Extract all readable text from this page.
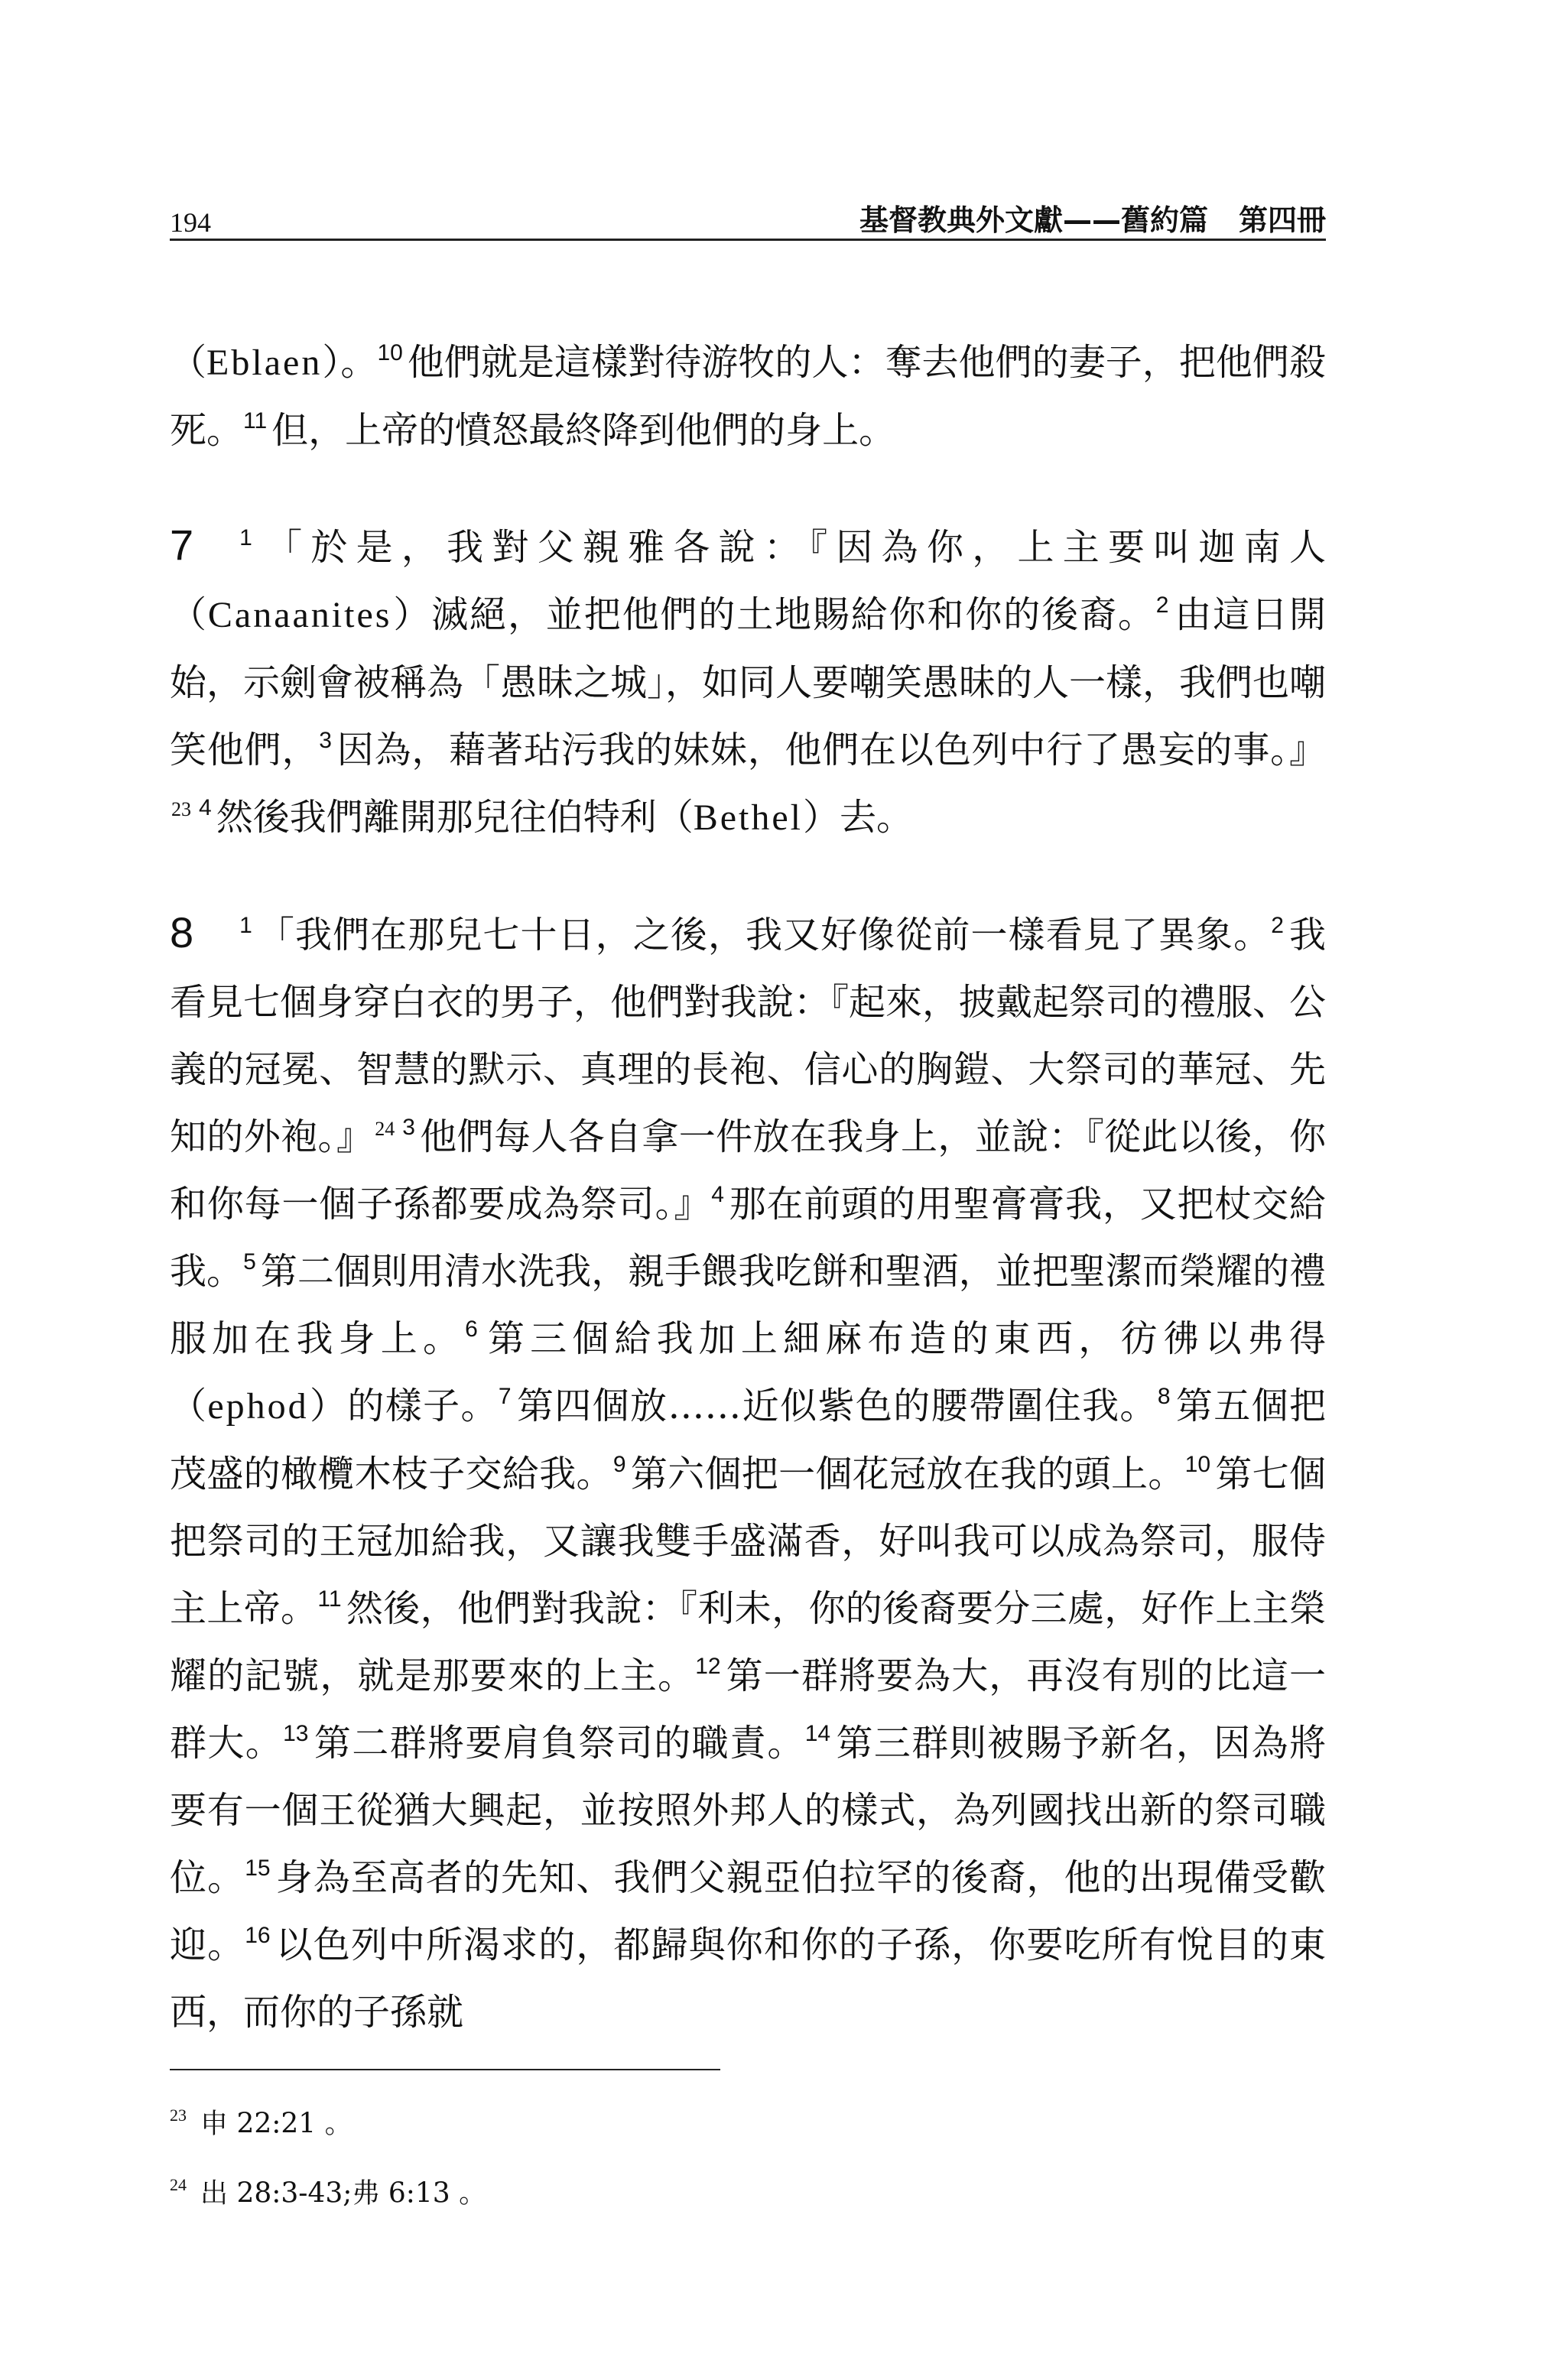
194	基督教典外文獻——舊約篇 第四冊

（Eblaen）。$^{10}$ 他們就是這樣對待游牧的人：奪去他們的妻子，把他們殺死。$^{11}$ 但，上帝的憤怒最終降到他們的身上。

7 $^1$ 「於是，我對父親雅各說：『因為你，上主要叫迦南人（Canaanites）滅絕，並把他們的土地賜給你和你的後裔。$^2$ 由這日開始，示劍會被稱為「愚昧之城」，如同人要嘲笑愚昧的人一樣，我們也嘲笑他們，$^3$ 因為，藉著玷污我的妹妹，他們在以色列中行了愚妄的事。』$^{23}$ $^4$ 然後我們離開那兒往伯特利（Bethel）去。

8 $^1$ 「我們在那兒七十日，之後，我又好像從前一樣看見了異象。$^2$ 我看見七個身穿白衣的男子，他們對我說：『起來，披戴起祭司的禮服、公義的冠冕、智慧的默示、真理的長袍、信心的胸鎧、大祭司的華冠、先知的外袍。』$^{24}$ $^3$ 他們每人各自拿一件放在我身上，並說：『從此以後，你和你每一個子孫都要成為祭司。』$^4$ 那在前頭的用聖膏膏我，又把杖交給我。$^5$ 第二個則用清水洗我，親手餵我吃餅和聖酒，並把聖潔而榮耀的禮服加在我身上。$^6$ 第三個給我加上細麻布造的東西，彷彿以弗得（ephod）的樣子。$^7$ 第四個放……近似紫色的腰帶圍住我。$^8$ 第五個把茂盛的橄欖木枝子交給我。$^9$ 第六個把一個花冠放在我的頭上。$^{10}$ 第七個把祭司的王冠加給我，又讓我雙手盛滿香，好叫我可以成為祭司，服侍主上帝。$^{11}$ 然後，他們對我說：『利未，你的後裔要分三處，好作上主榮耀的記號，就是那要來的上主。$^{12}$ 第一群將要為大，再沒有別的比這一群大。$^{13}$ 第二群將要肩負祭司的職責。$^{14}$ 第三群則被賜予新名，因為將要有一個王從猶大興起，並按照外邦人的樣式，為列國找出新的祭司職位。$^{15}$ 身為至高者的先知、我們父親亞伯拉罕的後裔，他的出現備受歡迎。$^{16}$ 以色列中所渴求的，都歸與你和你的子孫，你要吃所有悅目的東西，而你的子孫就

$^{23}$ 申 22:21 。

$^{24}$ 出 28:3-43;弗 6:13 。
